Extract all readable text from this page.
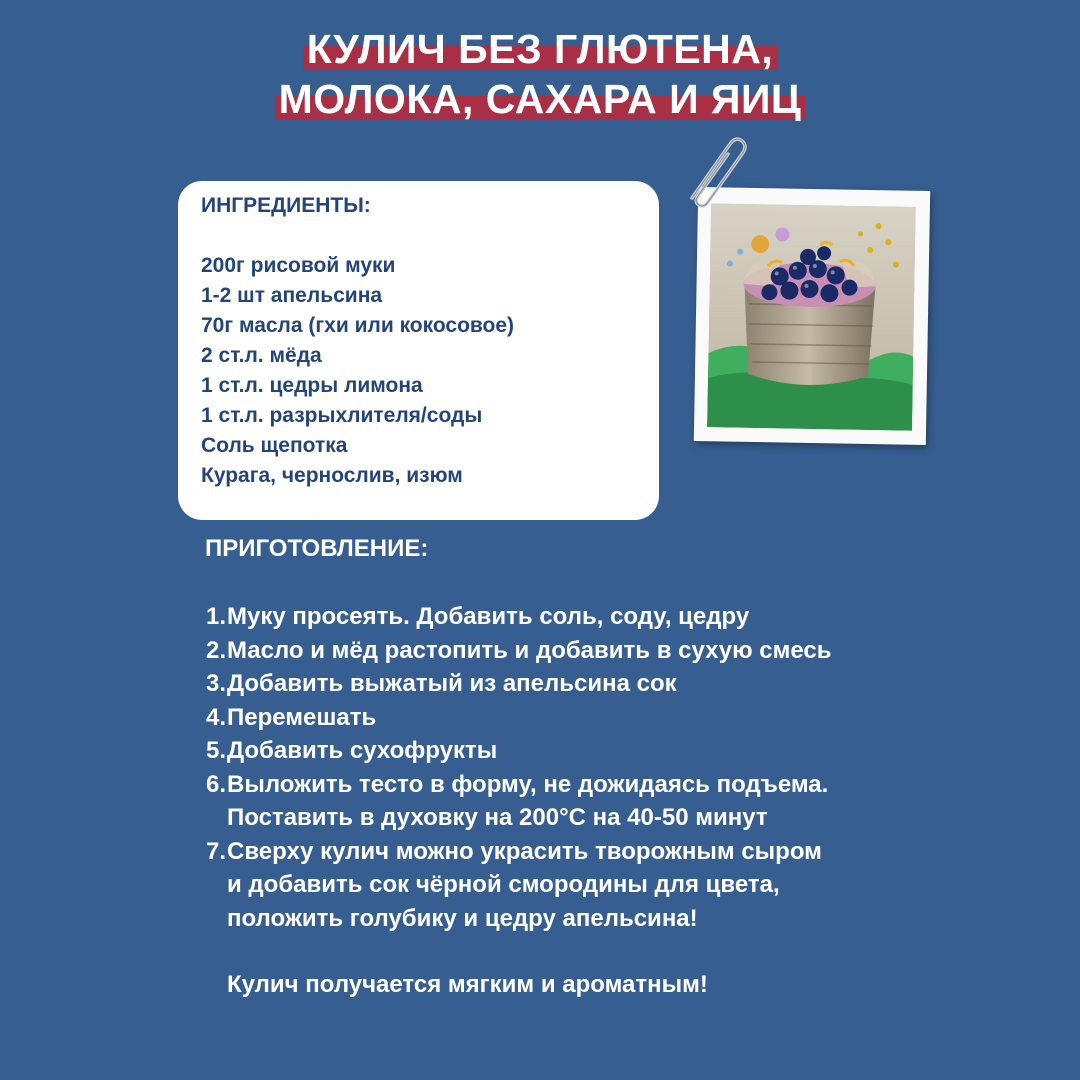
КУЛИЧ БЕЗ ГЛЮТЕНА,
МОЛОКА, САХАРА И ЯИЦ

ИНГРЕДИЕНТЫ:

200г рисовой муки
1-2 шт апельсина
70г масла (гхи или кокосовое)
2 ст.л. мёда
1 ст.л. цедры лимона
1 ст.л. разрыхлителя/соды
Соль щепотка
Курага, чернослив, изюм

ПРИГОТОВЛЕНИЕ:

1. Муку просеять. Добавить соль, соду, цедру
2. Масло и мёд растопить и добавить в сухую смесь
3. Добавить выжатый из апельсина сок
4. Перемешать
5. Добавить сухофрукты
6. Выложить тесто в форму, не дожидаясь подъема.
Поставить в духовку на 200°С на 40-50 минут
7. Сверху кулич можно украсить творожным сыром
и добавить сок чёрной смородины для цвета,
положить голубику и цедру апельсина!

Кулич получается мягким и ароматным!
